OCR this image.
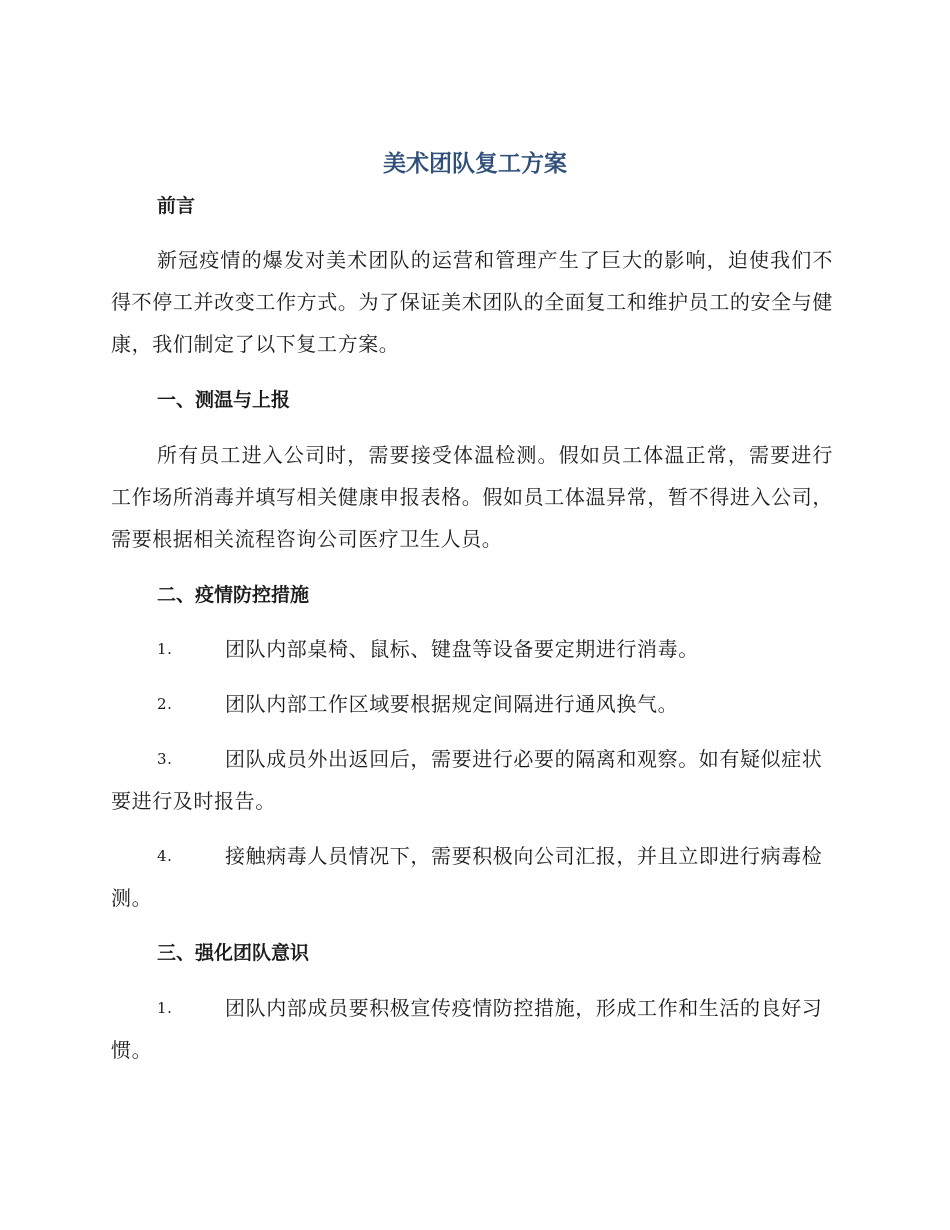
美术团队复工方案
前言
新冠疫情的爆发对美术团队的运营和管理产生了巨大的影响，迫使我们不得不停工并改变工作方式。为了保证美术团队的全面复工和维护员工的安全与健康，我们制定了以下复工方案。
一、测温与上报
所有员工进入公司时，需要接受体温检测。假如员工体温正常，需要进行工作场所消毒并填写相关健康申报表格。假如员工体温异常，暂不得进入公司，需要根据相关流程咨询公司医疗卫生人员。
二、疫情防控措施
1.	团队内部桌椅、鼠标、键盘等设备要定期进行消毒。
2.	团队内部工作区域要根据规定间隔进行通风换气。
3.	团队成员外出返回后，需要进行必要的隔离和观察。如有疑似症状要进行及时报告。
4.	接触病毒人员情况下，需要积极向公司汇报，并且立即进行病毒检测。
三、强化团队意识
1.	团队内部成员要积极宣传疫情防控措施，形成工作和生活的良好习惯。
